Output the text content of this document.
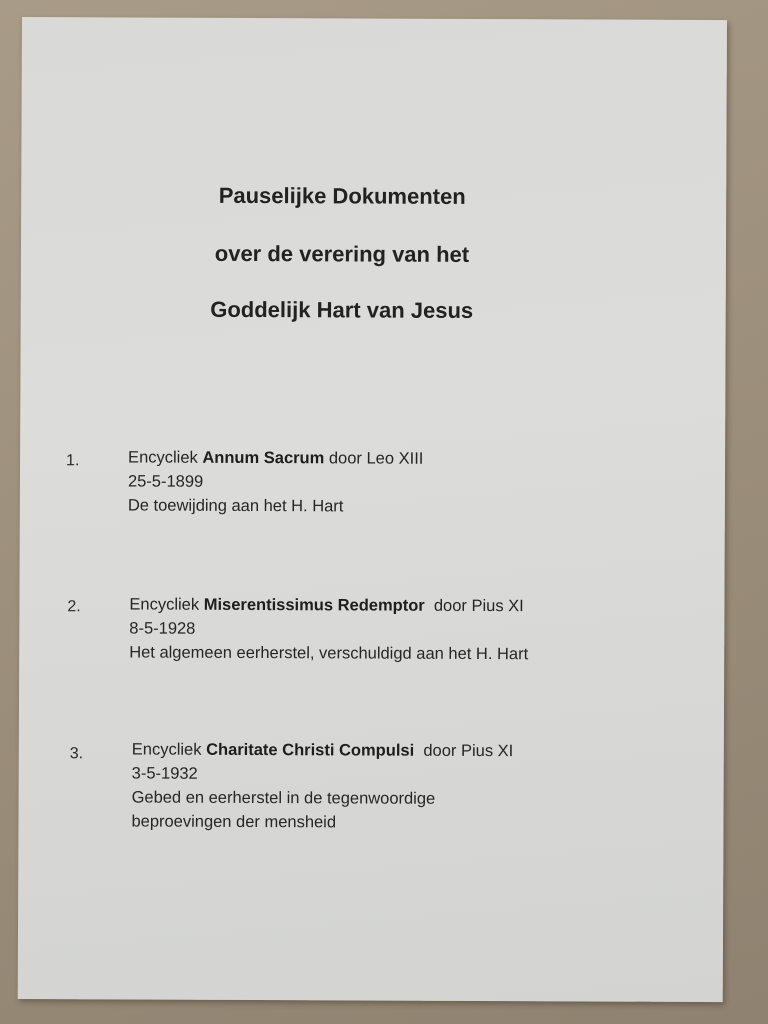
Pauselijke Dokumenten
over de verering van het
Goddelijk Hart van Jesus
1.	Encycliek Annum Sacrum door Leo XIII
25-5-1899
De toewijding aan het H. Hart
2.	Encycliek Miserentissimus Redemptor door Pius XI
8-5-1928
Het algemeen eerherstel, verschuldigd aan het H. Hart
3.	Encycliek Charitate Christi Compulsi door Pius XI
3-5-1932
Gebed en eerherstel in de tegenwoordige
beproevingen der mensheid
